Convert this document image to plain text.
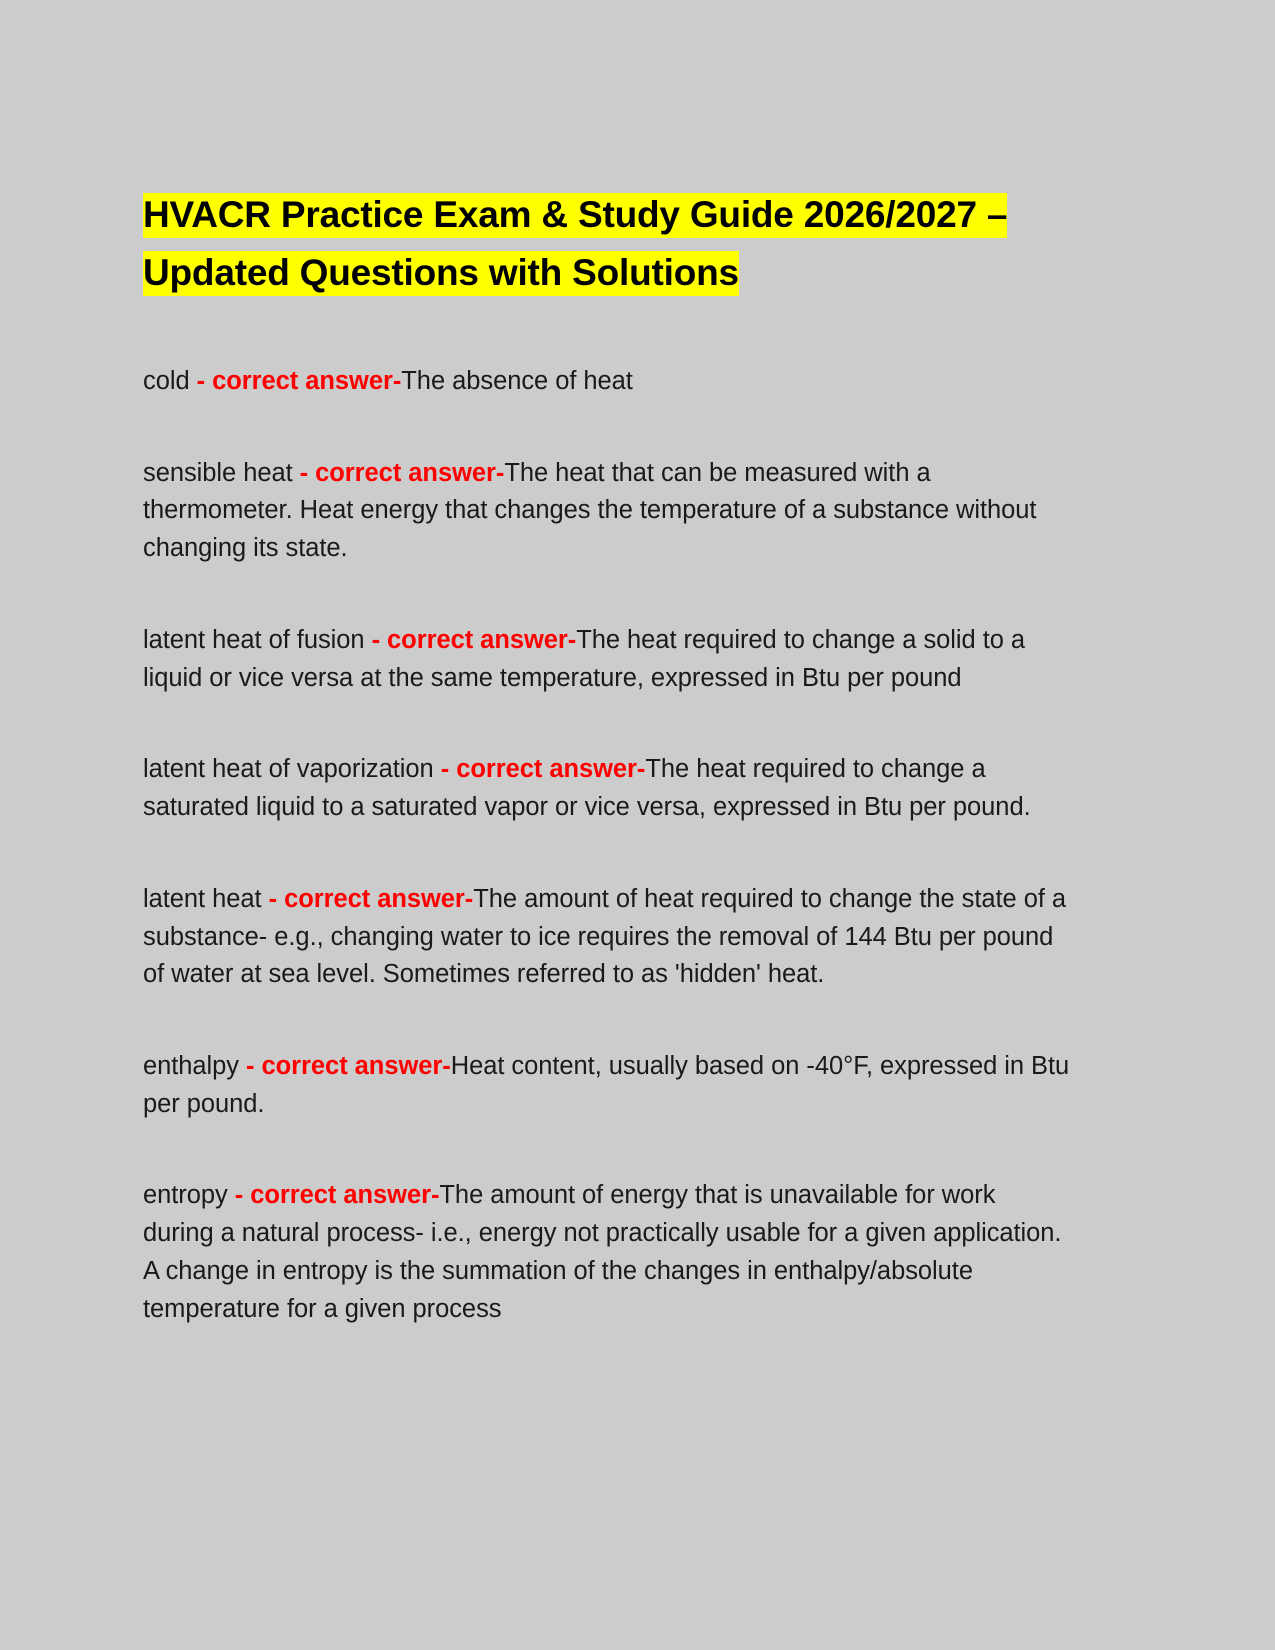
HVACR Practice Exam & Study Guide 2026/2027 –
Updated Questions with Solutions

cold - correct answer-The absence of heat

sensible heat - correct answer-The heat that can be measured with a thermometer. Heat energy that changes the temperature of a substance without changing its state.

latent heat of fusion - correct answer-The heat required to change a solid to a liquid or vice versa at the same temperature, expressed in Btu per pound

latent heat of vaporization - correct answer-The heat required to change a saturated liquid to a saturated vapor or vice versa, expressed in Btu per pound.

latent heat - correct answer-The amount of heat required to change the state of a substance- e.g., changing water to ice requires the removal of 144 Btu per pound of water at sea level. Sometimes referred to as 'hidden' heat.

enthalpy - correct answer-Heat content, usually based on -40°F, expressed in Btu per pound.

entropy - correct answer-The amount of energy that is unavailable for work during a natural process- i.e., energy not practically usable for a given application. A change in entropy is the summation of the changes in enthalpy/absolute temperature for a given process
